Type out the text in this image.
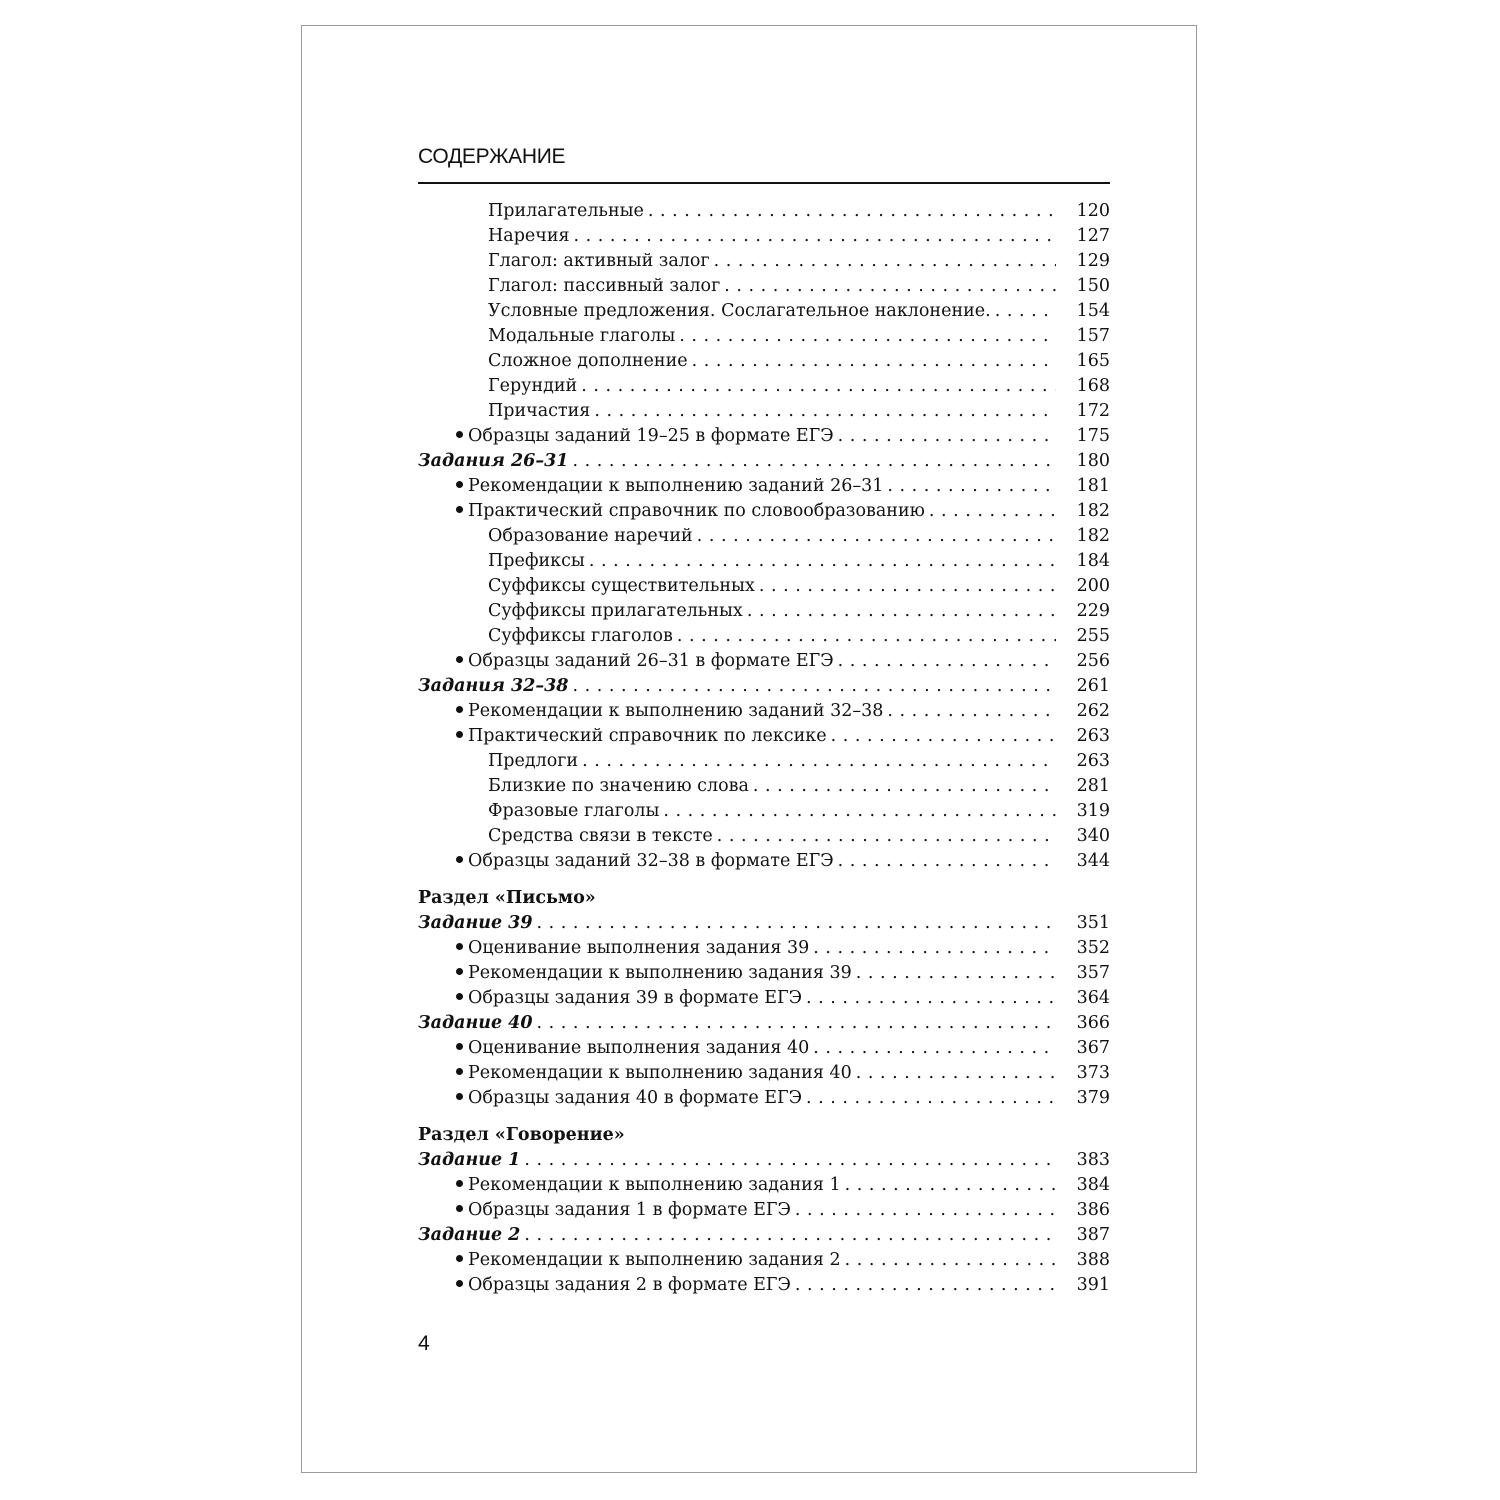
СОДЕРЖАНИЕ
Прилагательные . . .	120
Наречия . . .	127
Глагол: активный залог . . .	129
Глагол: пассивный залог . . .	150
Условные предложения. Сослагательное наклонение. . . .	154
Модальные глаголы . . .	157
Сложное дополнение . . .	165
Герундий . . .	168
Причастия . . .	172
Образцы заданий 19–25 в формате ЕГЭ . . .	175
Задания 26–31 . . .	180
Рекомендации к выполнению заданий 26–31 . . .	181
Практический справочник по словообразованию . . .	182
Образование наречий . . .	182
Префиксы . . .	184
Суффиксы существительных . . .	200
Суффиксы прилагательных . . .	229
Суффиксы глаголов . . .	255
Образцы заданий 26–31 в формате ЕГЭ . . .	256
Задания 32–38 . . .	261
Рекомендации к выполнению заданий 32–38 . . .	262
Практический справочник по лексике . . .	263
Предлоги . . .	263
Близкие по значению слова . . .	281
Фразовые глаголы . . .	319
Средства связи в тексте . . .	340
Образцы заданий 32–38 в формате ЕГЭ . . .	344
Раздел «Письмо»
Задание 39 . . .	351
Оценивание выполнения задания 39 . . .	352
Рекомендации к выполнению задания 39 . . .	357
Образцы задания 39 в формате ЕГЭ . . .	364
Задание 40 . . .	366
Оценивание выполнения задания 40 . . .	367
Рекомендации к выполнению задания 40 . . .	373
Образцы задания 40 в формате ЕГЭ . . .	379
Раздел «Говорение»
Задание 1 . . .	383
Рекомендации к выполнению задания 1 . . .	384
Образцы задания 1 в формате ЕГЭ . . .	386
Задание 2 . . .	387
Рекомендации к выполнению задания 2 . . .	388
Образцы задания 2 в формате ЕГЭ . . .	391
4
